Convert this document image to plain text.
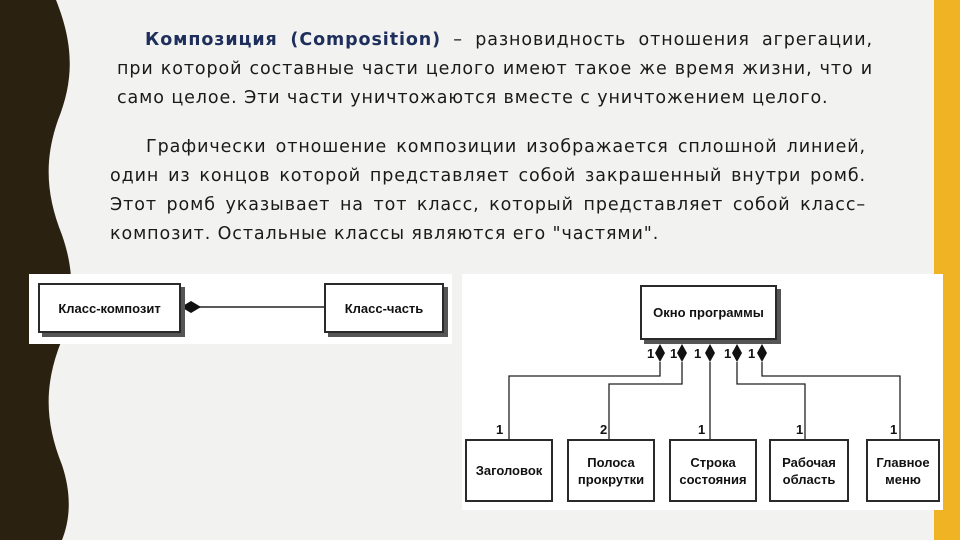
Композиция (Composition) – разновидность отношения агрегации, при которой составные части целого имеют такое же время жизни, что и само целое. Эти части уничтожаются вместе с уничтожением целого.

Графически отношение композиции изображается сплошной линией, один из концов которой представляет собой закрашенный внутри ромб. Этот ромб указывает на тот класс, который представляет собой класс–композит. Остальные классы являются его "частями".

Класс-композит	Класс-часть	Окно программы
1 1 1 1 1
1	2	1	1	1
Заголовок
Полоса прокрутки
Строка состояния
Рабочая область
Главное меню
